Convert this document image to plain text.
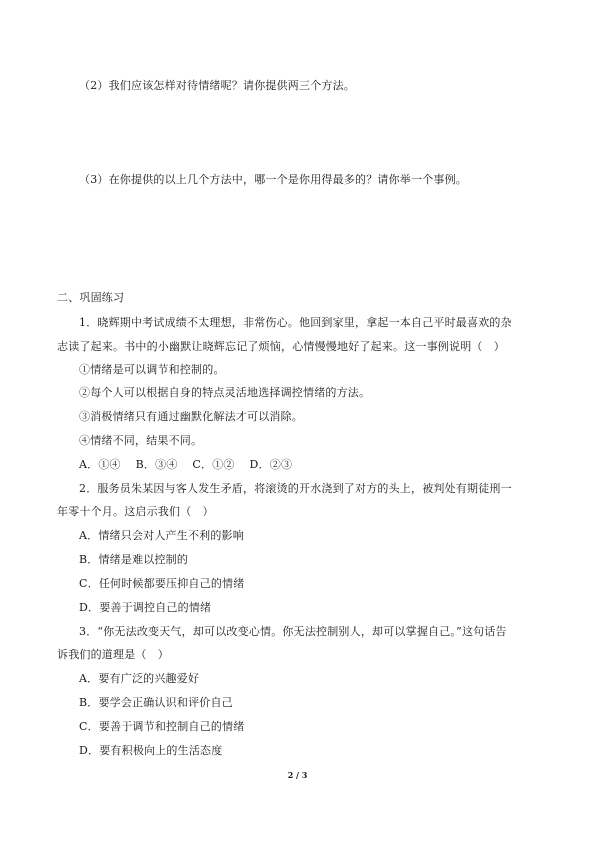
（2）我们应该怎样对待情绪呢？请你提供两三个方法。
（3）在你提供的以上几个方法中，哪一个是你用得最多的？请你举一个事例。
二、巩固练习
1．晓辉期中考试成绩不太理想，非常伤心。他回到家里，拿起一本自己平时最喜欢的杂
志读了起来。书中的小幽默让晓辉忘记了烦恼，心情慢慢地好了起来。这一事例说明（　）
①情绪是可以调节和控制的。
②每个人可以根据自身的特点灵活地选择调控情绪的方法。
③消极情绪只有通过幽默化解法才可以消除。
④情绪不同，结果不同。
A．①④　 B．③④　 C．①②　 D．②③
2．服务员朱某因与客人发生矛盾，将滚烫的开水浇到了对方的头上，被判处有期徒刑一
年零十个月。这启示我们（　）
A．情绪只会对人产生不利的影响
B．情绪是难以控制的
C．任何时候都要压抑自己的情绪
D．要善于调控自己的情绪
3．“你无法改变天气，却可以改变心情。你无法控制别人，却可以掌握自己。”这句话告
诉我们的道理是（　）
A．要有广泛的兴趣爱好
B．要学会正确认识和评价自己
C．要善于调节和控制自己的情绪
D．要有积极向上的生活态度
2 / 3
